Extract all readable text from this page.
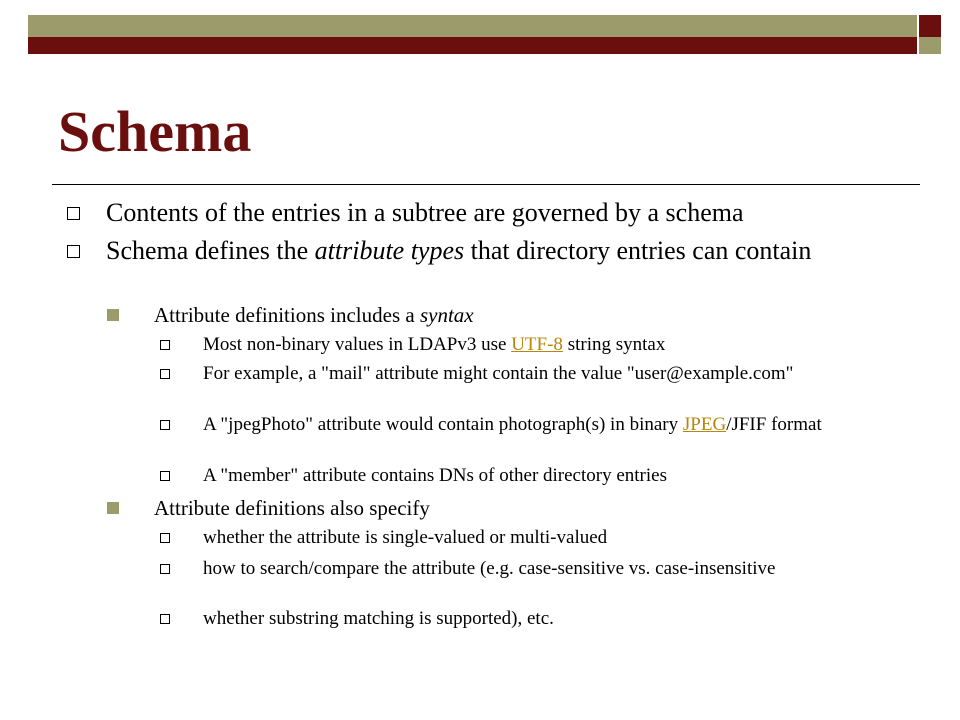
Schema
Contents of the entries in a subtree are governed by a schema
Schema defines the attribute types that directory entries can contain
Attribute definitions includes a syntax
Most non-binary values in LDAPv3 use UTF-8 string syntax
For example, a "mail" attribute might contain the value "user@example.com"
A "jpegPhoto" attribute would contain photograph(s) in binary JPEG/JFIF format
A "member" attribute contains DNs of other directory entries
Attribute definitions also specify
whether the attribute is single-valued or multi-valued
how to search/compare the attribute (e.g. case-sensitive vs. case-insensitive
whether substring matching is supported), etc.
